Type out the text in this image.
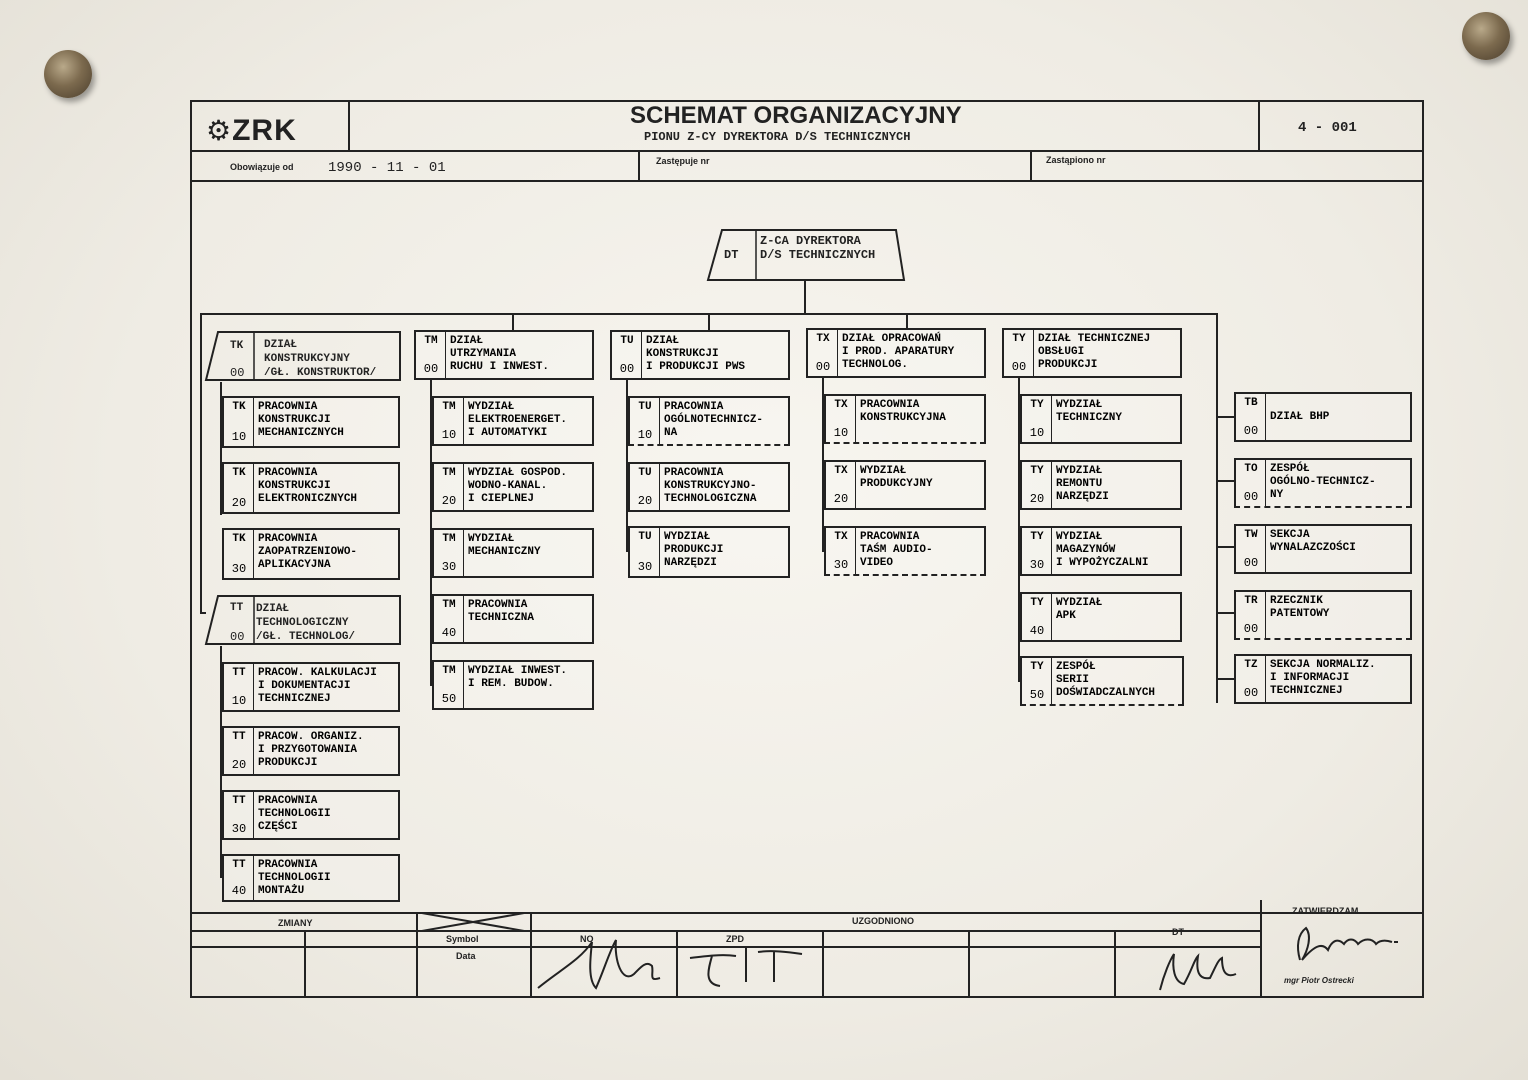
⚙ZRK	SCHEMAT ORGANIZACYJNY
PIONU Z-CY DYREKTORA D/S TECHNICZNYCH
4 - 001
Obowiązuje od 1990 - 11 - 01	Zastępuje nr	Zastąpiono nr
DT
Z-CA DYREKTORA
D/S TECHNICZNYCH
TK
00
DZIAŁ
KONSTRUKCYJNY
/GŁ. KONSTRUKTOR/
TK
10
PRACOWNIA
KONSTRUKCJI
MECHANICZNYCH
TK
20
PRACOWNIA
KONSTRUKCJI
ELEKTRONICZNYCH
TK
30
PRACOWNIA
ZAOPATRZENIOWO-
APLIKACYJNA
TT
00
DZIAŁ
TECHNOLOGICZNY
/GŁ. TECHNOLOG/
TT
10
PRACOW. KALKULACJI
I DOKUMENTACJI
TECHNICZNEJ
TT
20
PRACOW. ORGANIZ.
I PRZYGOTOWANIA
PRODUKCJI
TT
30
PRACOWNIA
TECHNOLOGII
CZĘŚCI
TT
40
PRACOWNIA
TECHNOLOGII
MONTAŻU
TM
00
DZIAŁ
UTRZYMANIA
RUCHU I INWEST.
TM
10
WYDZIAŁ
ELEKTROENERGET.
I AUTOMATYKI
TM
20
WYDZIAŁ GOSPOD.
WODNO-KANAL.
I CIEPLNEJ
TM
30
WYDZIAŁ
MECHANICZNY
TM
40
PRACOWNIA
TECHNICZNA
TM
50
WYDZIAŁ INWEST.
I REM. BUDOW.
TU
00
DZIAŁ
KONSTRUKCJI
I PRODUKCJI PWS
TU
10
PRACOWNIA
OGÓLNOTECHNICZ-
NA
TU
20
PRACOWNIA
KONSTRUKCYJNO-
TECHNOLOGICZNA
TU
30
WYDZIAŁ
PRODUKCJI
NARZĘDZI
TX
00
DZIAŁ OPRACOWAŃ
I PROD. APARATURY
TECHNOLOG.
TX
10
PRACOWNIA
KONSTRUKCYJNA
TX
20
WYDZIAŁ
PRODUKCYJNY
TX
30
PRACOWNIA
TAŚM AUDIO-
VIDEO
TY
00
DZIAŁ TECHNICZNEJ
OBSŁUGI
PRODUKCJI
TY
10
WYDZIAŁ
TECHNICZNY
TY
20
WYDZIAŁ
REMONTU
NARZĘDZI
TY
30
WYDZIAŁ
MAGAZYNÓW
I WYPOŻYCZALNI
TY
40
WYDZIAŁ
APK
TY
50
ZESPÓŁ
SERII
DOŚWIADCZALNYCH
TB
00
DZIAŁ BHP
TO
00
ZESPÓŁ
OGÓLNO-TECHNICZ-
NY
TW
00
SEKCJA
WYNALAZCZOŚCI
TR
00
RZECZNIK
PATENTOWY
TZ
00
SEKCJA NORMALIZ.
I INFORMACJI
TECHNICZNEJ
ZMIANY
Symbol
Data
UZGODNIONO
NO	ZPD
DT
ZATWIERDZAM
mgr Piotr Ostrecki
